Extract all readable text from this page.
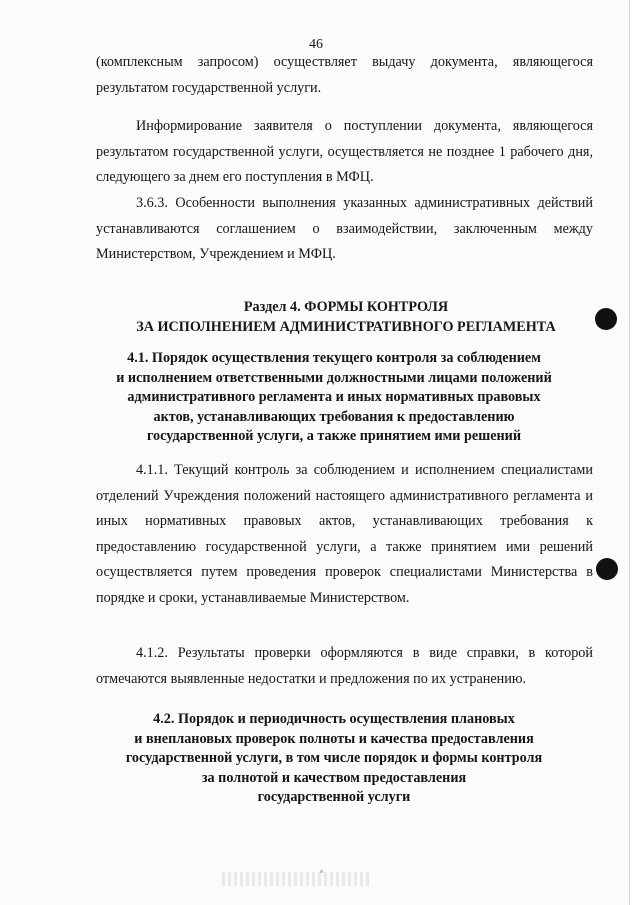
46

(комплексным запросом) осуществляет выдачу документа, являющегося результатом государственной услуги.

Информирование заявителя о поступлении документа, являющегося результатом государственной услуги, осуществляется не позднее 1 рабочего дня, следующего за днем его поступления в МФЦ.

3.6.3. Особенности выполнения указанных административных действий устанавливаются соглашением о взаимодействии, заключенным между Министерством, Учреждением и МФЦ.

Раздел 4. ФОРМЫ КОНТРОЛЯ
ЗА ИСПОЛНЕНИЕМ АДМИНИСТРАТИВНОГО РЕГЛАМЕНТА
4.1. Порядок осуществления текущего контроля за соблюдением
и исполнением ответственными должностными лицами положений
административного регламента и иных нормативных правовых
актов, устанавливающих требования к предоставлению
государственной услуги, а также принятием ими решений

4.1.1. Текущий контроль за соблюдением и исполнением специалистами отделений Учреждения положений настоящего административного регламента и иных нормативных правовых актов, устанавливающих требования к предоставлению государственной услуги, а также принятием ими решений осуществляется путем проведения проверок специалистами Министерства в порядке и сроки, устанавливаемые Министерством.

4.1.2. Результаты проверки оформляются в виде справки, в которой отмечаются выявленные недостатки и предложения по их устранению.

4.2. Порядок и периодичность осуществления плановых
и внеплановых проверок полноты и качества предоставления
государственной услуги, в том числе порядок и формы контроля
за полнотой и качеством предоставления
государственной услуги
